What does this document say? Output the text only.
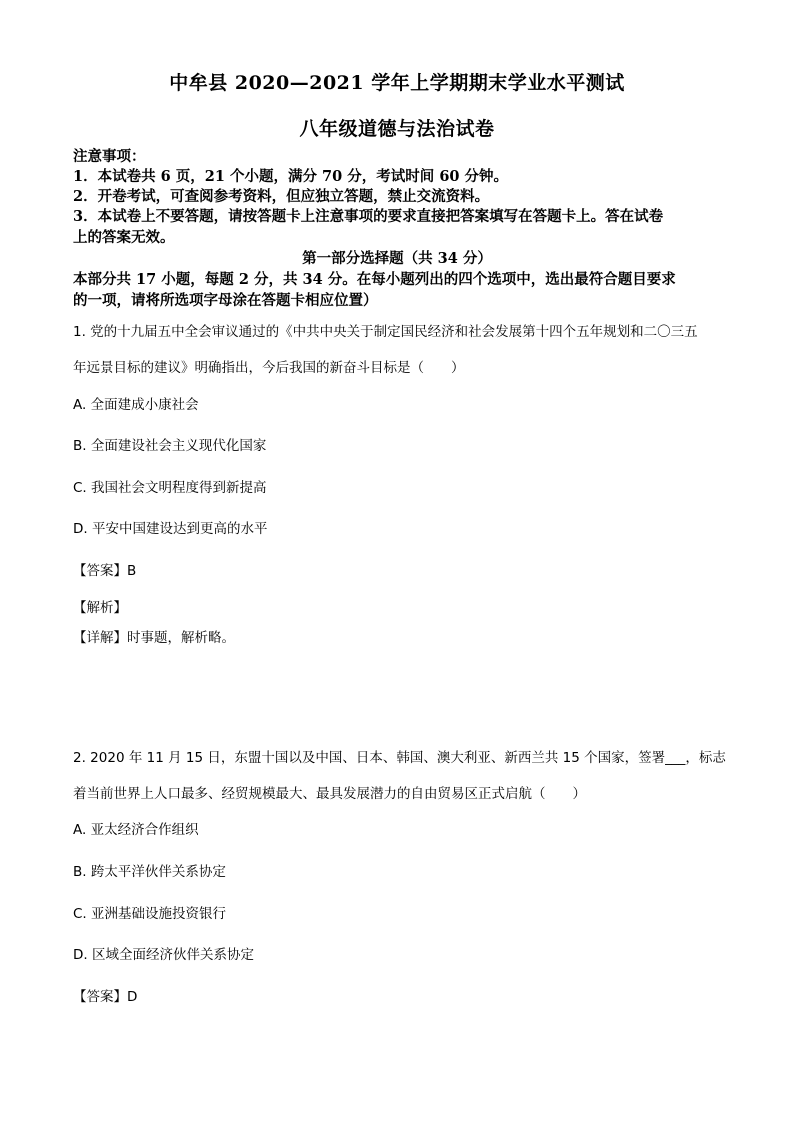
中牟县 2020—2021 学年上学期期末学业水平测试
八年级道德与法治试卷
注意事项：
1．本试卷共 6 页，21 个小题，满分 70 分，考试时间 60 分钟。
2．开卷考试，可查阅参考资料，但应独立答题，禁止交流资料。
3．本试卷上不要答题，请按答题卡上注意事项的要求直接把答案填写在答题卡上。答在试卷
上的答案无效。
第一部分选择题（共 34 分）
本部分共 17 小题，每题 2 分，共 34 分。在每小题列出的四个选项中，选出最符合题目要求
的一项，请将所选项字母涂在答题卡相应位置）
1. 党的十九届五中全会审议通过的《中共中央关于制定国民经济和社会发展第十四个五年规划和二〇三五
年远景目标的建议》明确指出，今后我国的新奋斗目标是（　　）
A. 全面建成小康社会
B. 全面建设社会主义现代化国家
C. 我国社会文明程度得到新提高
D. 平安中国建设达到更高的水平
【答案】B
【解析】
【详解】时事题，解析略。
2. 2020 年 11 月 15 日，东盟十国以及中国、日本、韩国、澳大利亚、新西兰共 15 个国家，签署___，标志
着当前世界上人口最多、经贸规模最大、最具发展潜力的自由贸易区正式启航（　　）
A. 亚太经济合作组织
B. 跨太平洋伙伴关系协定
C. 亚洲基础设施投资银行
D. 区域全面经济伙伴关系协定
【答案】D
